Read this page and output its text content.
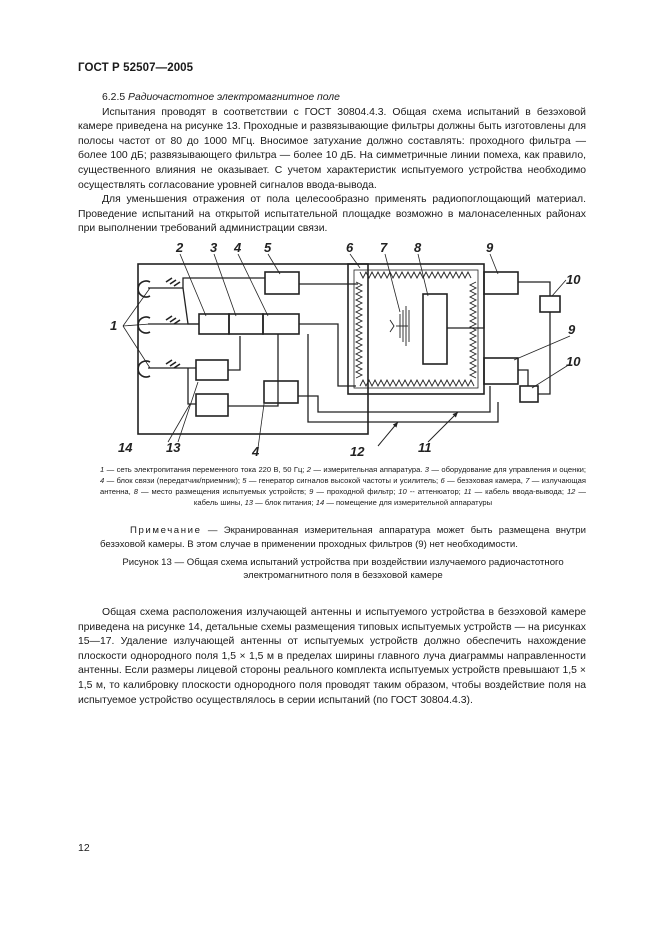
ГОСТ Р 52507—2005

6.2.5 Радиочастотное электромагнитное поле

Испытания проводят в соответствии с ГОСТ 30804.4.3. Общая схема испытаний в безэховой камере приведена на рисунке 13. Проходные и развязывающие фильтры должны быть изготовлены для полосы частот от 80 до 1000 МГц. Вносимое затухание должно составлять: проходного фильтра — более 100 дБ; развязывающего фильтра — более 10 дБ. На симметричные линии помеха, как правило, существенного влияния не оказывает. С учетом характеристик испытуемого устройства необходимо осуществлять согласование уровней сигналов ввода-вывода.

Для уменьшения отражения от пола целесообразно применять радиопоглощающий материал. Проведение испытаний на открытой испытательной площадке возможно в малонаселенных районах при выполнении требований администрации связи.

1
2 3 4 5	6 7 8	9
10
9
10
14	13	4	12	11
1 — сеть электропитания переменного тока 220 В, 50 Гц; 2 — измерительная аппаратура. 3 — оборудование для управления и оценки; 4 — блок связи (передатчик/приемник); 5 — генератор сигналов высокой частоты и усилитель; 6 — безэховая камера, 7 — излучающая антенна, 8 — место размещения испытуемых устройств; 9 — проходной фильтр; 10 -- аттенюатор; 11 — кабель ввода-вывода; 12 — кабель шины, 13 — блок питания; 14 — помещение для измерительной аппаратуры

Примечание — Экранированная измерительная аппаратура может быть размещена внутри безэховой камеры. В этом случае в применении проходных фильтров (9) нет необходимости.

Рисунок 13 — Общая схема испытаний устройства при воздействии излучаемого радиочастотного электромагнитного поля в безэховой камере

Общая схема расположения излучающей антенны и испытуемого устройства в безэховой камере приведена на рисунке 14, детальные схемы размещения типовых испытуемых устройств — на рисунках 15—17. Удаление излучающей антенны от испытуемых устройств должно обеспечить нахождение плоскости однородного поля 1,5 × 1,5 м в пределах ширины главного луча диаграммы направленности антенны. Если размеры лицевой стороны реального комплекта испытуемых устройств превышают 1,5 × 1,5 м, то калибровку плоскости однородного поля проводят таким образом, чтобы воздействие поля на испытуемое устройство осуществлялось в серии испытаний (по ГОСТ 30804.4.3).

12
